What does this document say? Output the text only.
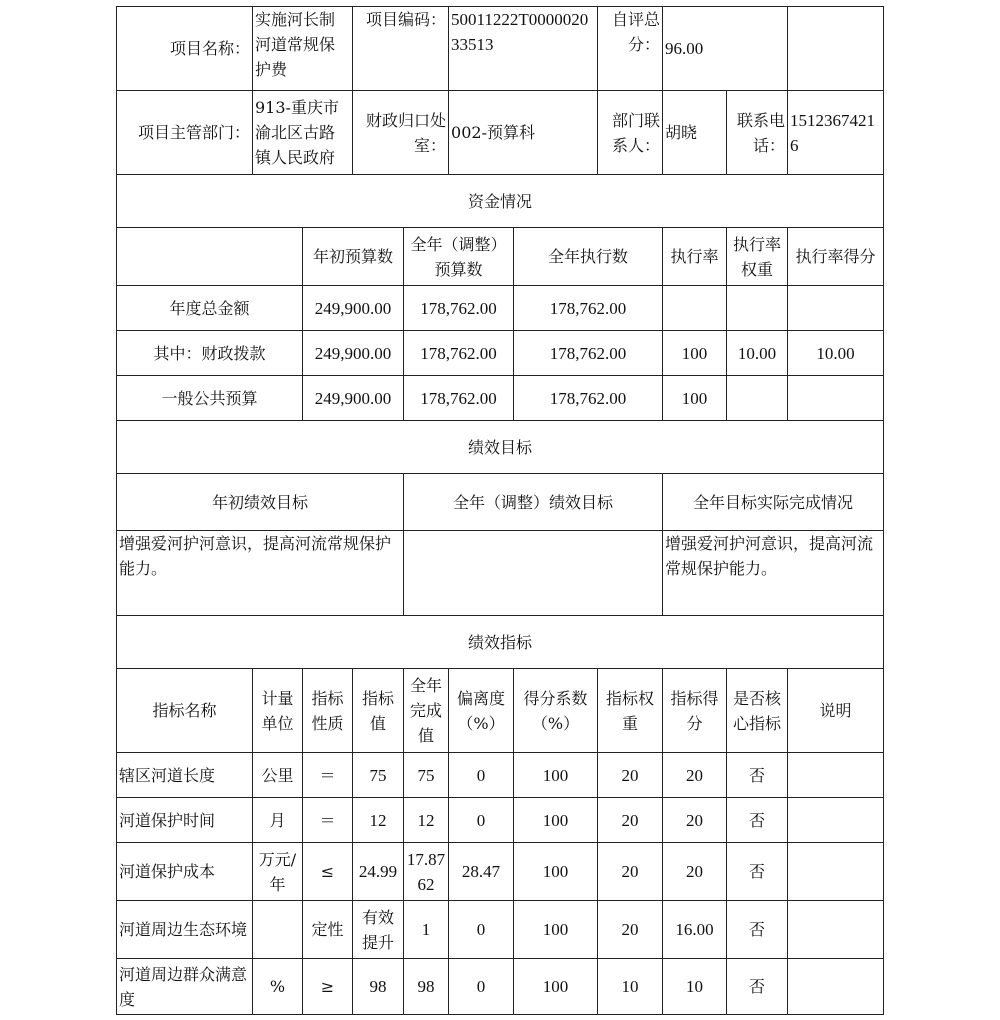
项目名称：	实施河长制河道常规保护费		项目编码：		50011222T000002033513		自评总分：	96.00		
项目主管部门：	913-重庆市渝北区古路镇人民政府		财政归口处室：		002-预算科		部门联系人：	胡晓	联系电话：	15123674216
资金情况										
		年初预算数		全年（调整）预算数		全年执行数		执行率	执行率权重	执行率得分
年度总金额		249,900.00		178,762.00		178,762.00				
其中：财政拨款		249,900.00		178,762.00		178,762.00		100	10.00	10.00
一般公共预算		249,900.00		178,762.00		178,762.00		100		
绩效目标										
年初绩效目标				全年（调整）绩效目标				全年目标实际完成情况		
增强爱河护河意识，提高河流常规保护能力。								增强爱河护河意识，提高河流常规保护能力。		
绩效指标										
指标名称	计量单位	指标性质	指标值	全年完成值	偏离度（%）	得分系数（%）	指标权重	指标得分	是否核心指标	说明
辖区河道长度	公里	＝	75	75	0	100	20	20	否	
河道保护时间	月	＝	12	12	0	100	20	20	否	
河道保护成本	万元/年	≤	24.99	17.8762	28.47	100	20	20	否	
河道周边生态环境		定性	有效提升	1	0	100	20	16.00	否	
河道周边群众满意度	%	≥	98	98	0	100	10	10	否	
